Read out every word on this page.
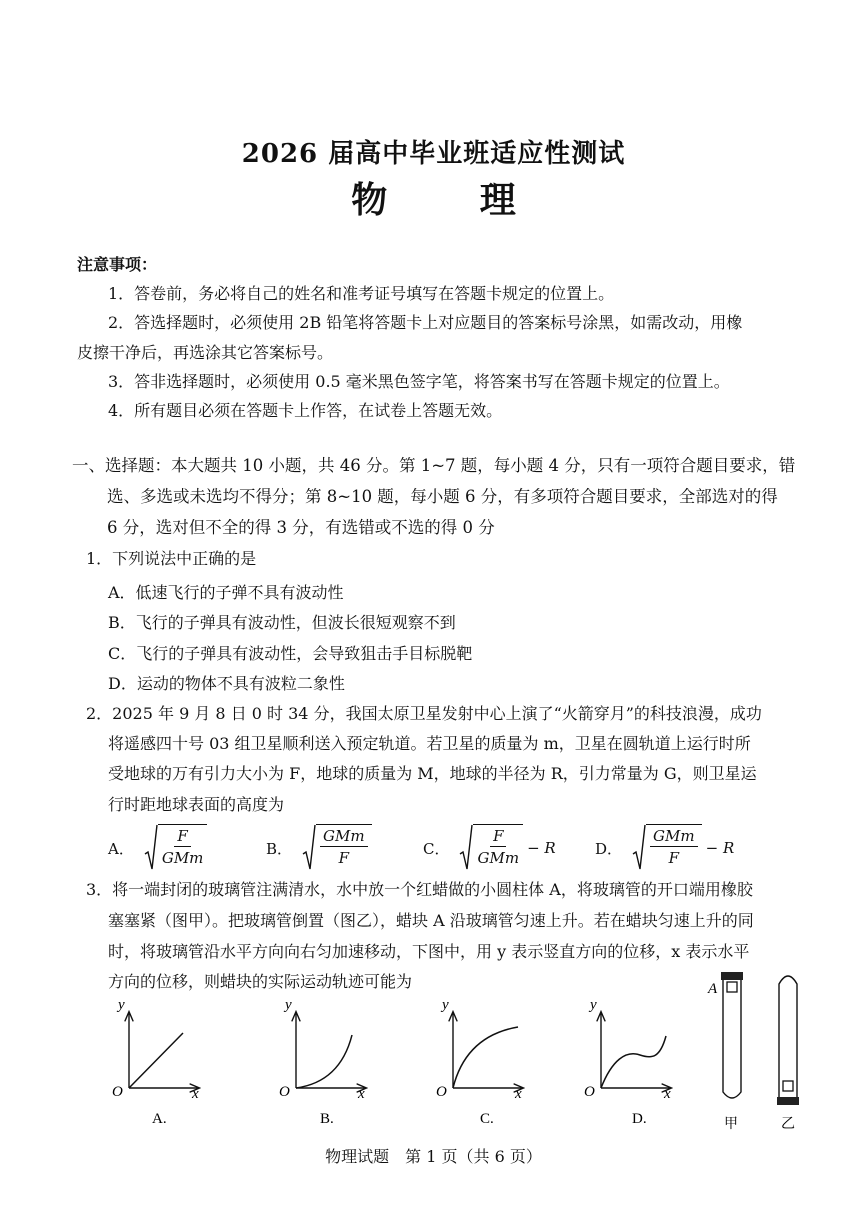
2026 届高中毕业班适应性测试
物 理
注意事项：
1．答卷前，务必将自己的姓名和准考证号填写在答题卡规定的位置上。
2．答选择题时，必须使用 2B 铅笔将答题卡上对应题目的答案标号涂黑，如需改动，用橡
皮擦干净后，再选涂其它答案标号。
3．答非选择题时，必须使用 0.5 毫米黑色签字笔，将答案书写在答题卡规定的位置上。
4．所有题目必须在答题卡上作答，在试卷上答题无效。
一、选择题：本大题共 10 小题，共 46 分。第 1~7 题，每小题 4 分，只有一项符合题目要求，错
选、多选或未选均不得分；第 8~10 题，每小题 6 分，有多项符合题目要求，全部选对的得
6 分，选对但不全的得 3 分，有选错或不选的得 0 分
1．下列说法中正确的是
A．低速飞行的子弹不具有波动性
B．飞行的子弹具有波动性，但波长很短观察不到
C．飞行的子弹具有波动性，会导致狙击手目标脱靶
D．运动的物体不具有波粒二象性
2．2025 年 9 月 8 日 0 时 34 分，我国太原卫星发射中心上演了“火箭穿月”的科技浪漫，成功
将遥感四十号 03 组卫星顺利送入预定轨道。若卫星的质量为 m，卫星在圆轨道上运行时所
受地球的万有引力大小为 F，地球的质量为 M，地球的半径为 R，引力常量为 G，则卫星运
行时距地球表面的高度为
A． $\frac{F}{\text{GMm}}$	B． $\frac{\text{GMm}}{F}$	C． $\frac{F}{\text{GMm}} - R$	D． $\frac{\text{GMm}}{F} - R$
3．将一端封闭的玻璃管注满清水，水中放一个红蜡做的小圆柱体 A，将玻璃管的开口端用橡胶
塞塞紧（图甲）。把玻璃管倒置（图乙），蜡块 A 沿玻璃管匀速上升。若在蜡块匀速上升的同
时，将玻璃管沿水平方向向右匀加速移动，下图中，用 y 表示竖直方向的位移，x 表示水平
方向的位移，则蜡块的实际运动轨迹可能为
y
x
O
A.
y
x
O
B.
y
x
O
C.
y
x
O
D.
A
甲	乙
物理试题　第 1 页（共 6 页）
